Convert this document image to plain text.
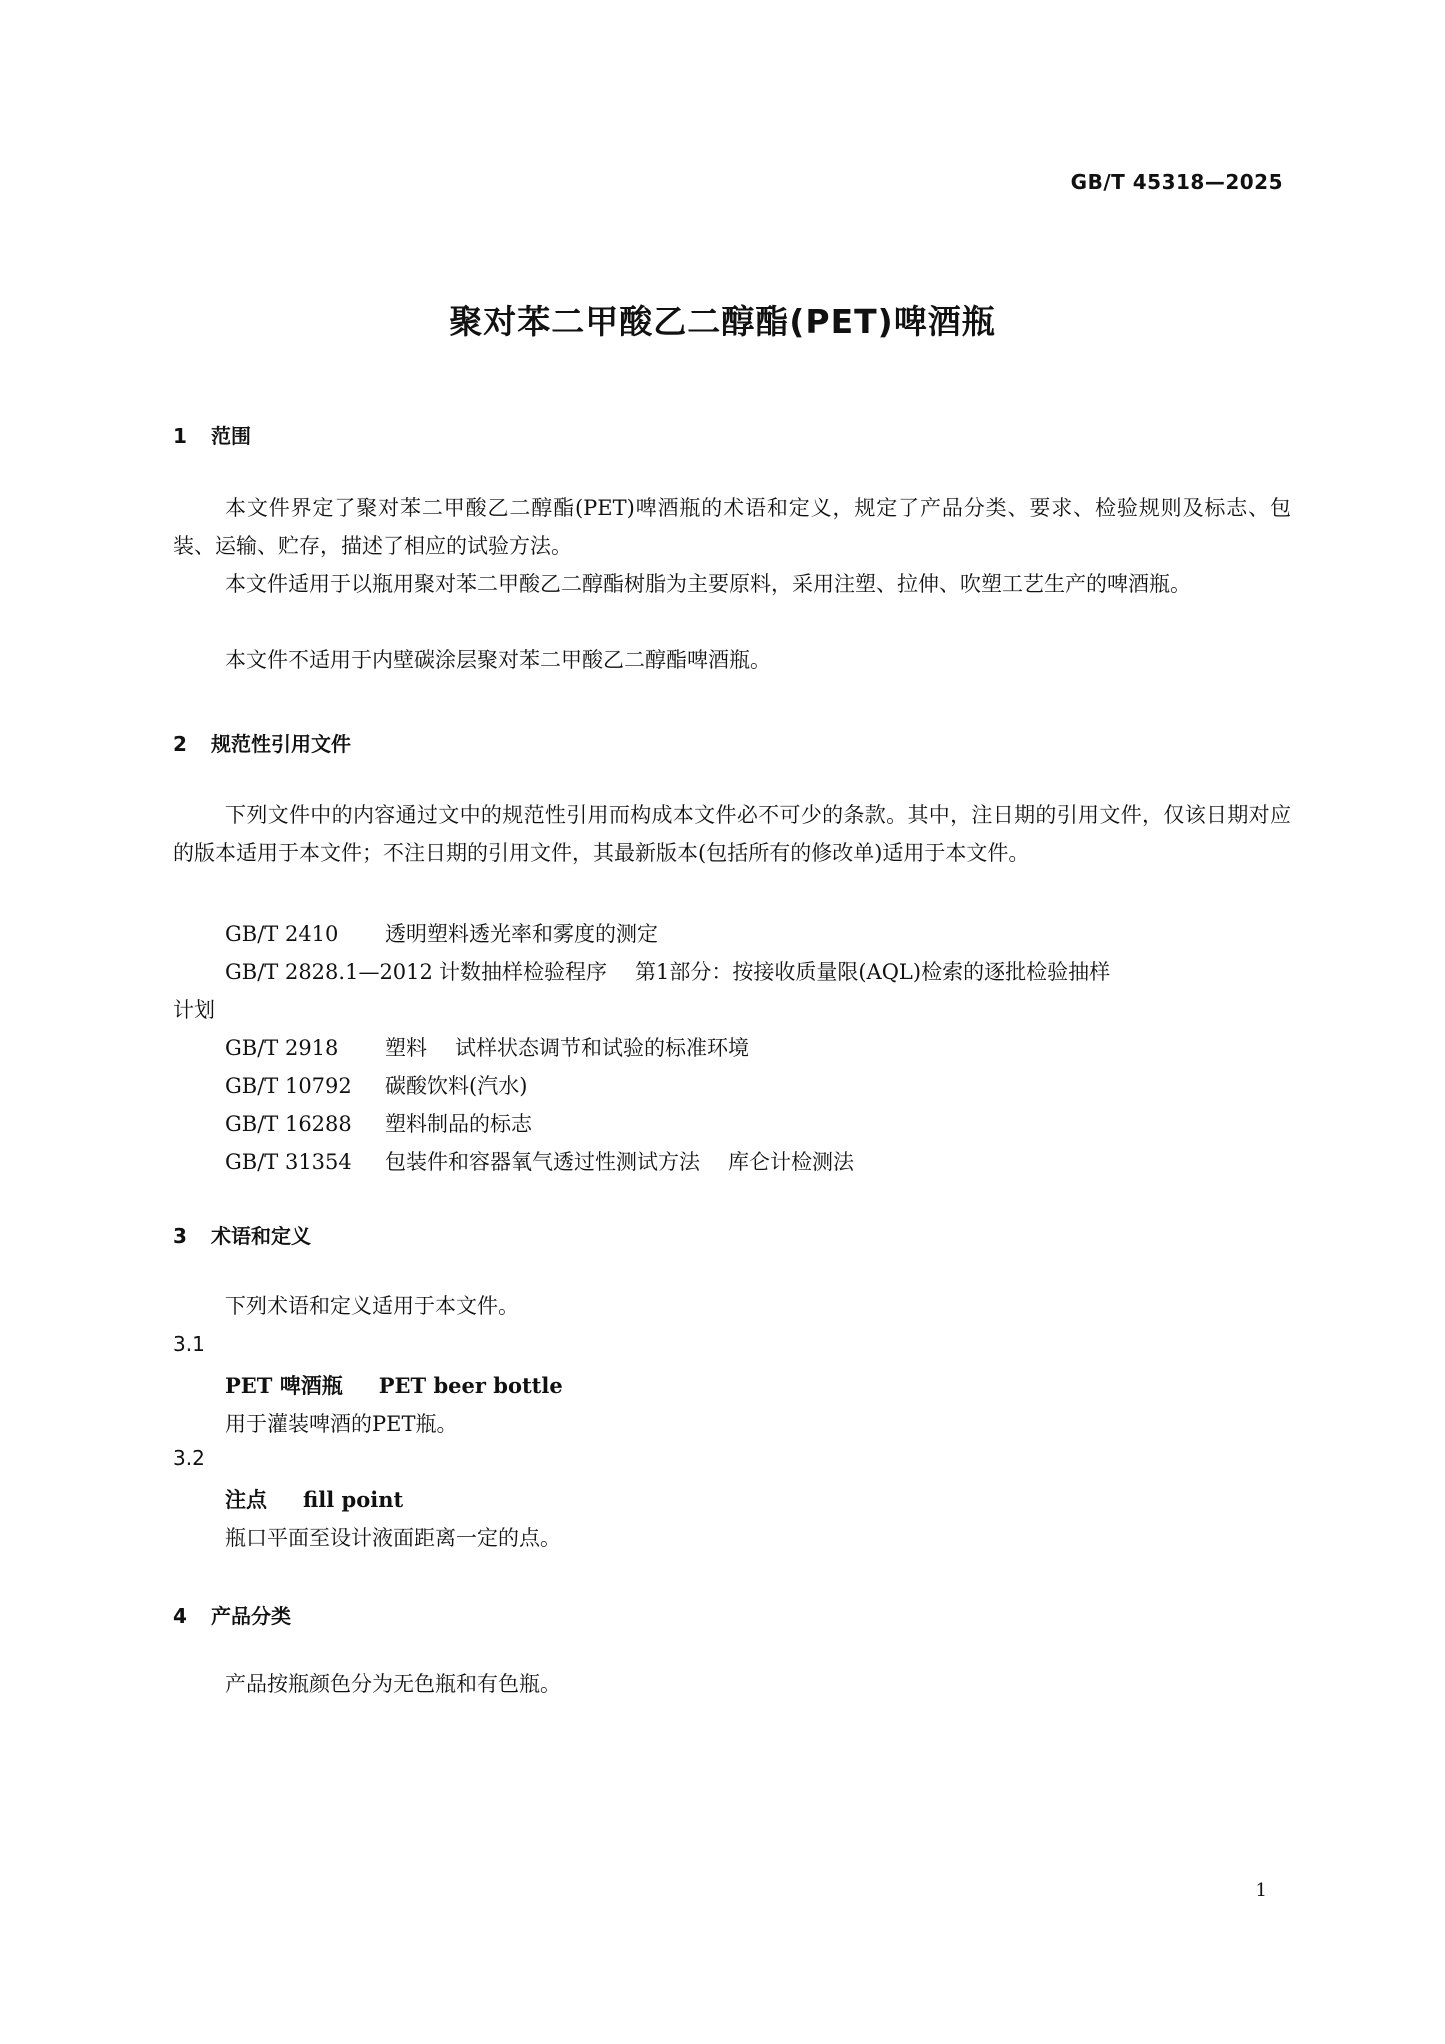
GB/T 45318—2025
聚对苯二甲酸乙二醇酯(PET)啤酒瓶
1 范围
本文件界定了聚对苯二甲酸乙二醇酯(PET)啤酒瓶的术语和定义，规定了产品分类、要求、检验规则及标志、包装、运输、贮存，描述了相应的试验方法。
本文件适用于以瓶用聚对苯二甲酸乙二醇酯树脂为主要原料，采用注塑、拉伸、吹塑工艺生产的啤酒瓶。
本文件不适用于内壁碳涂层聚对苯二甲酸乙二醇酯啤酒瓶。
2 规范性引用文件
下列文件中的内容通过文中的规范性引用而构成本文件必不可少的条款。其中，注日期的引用文件，仅该日期对应的版本适用于本文件；不注日期的引用文件，其最新版本(包括所有的修改单)适用于本文件。
GB/T 2410 透明塑料透光率和雾度的测定
GB/T 2828.1—2012 计数抽样检验程序 第1部分：按接收质量限(AQL)检索的逐批检验抽样
计划
GB/T 2918 塑料 试样状态调节和试验的标准环境
GB/T 10792 碳酸饮料(汽水)
GB/T 16288 塑料制品的标志
GB/T 31354 包装件和容器氧气透过性测试方法 库仑计检测法
3 术语和定义
下列术语和定义适用于本文件。
3.1
PET 啤酒瓶 PET beer bottle
用于灌装啤酒的PET瓶。
3.2
注点 fill point
瓶口平面至设计液面距离一定的点。
4 产品分类
产品按瓶颜色分为无色瓶和有色瓶。
1
